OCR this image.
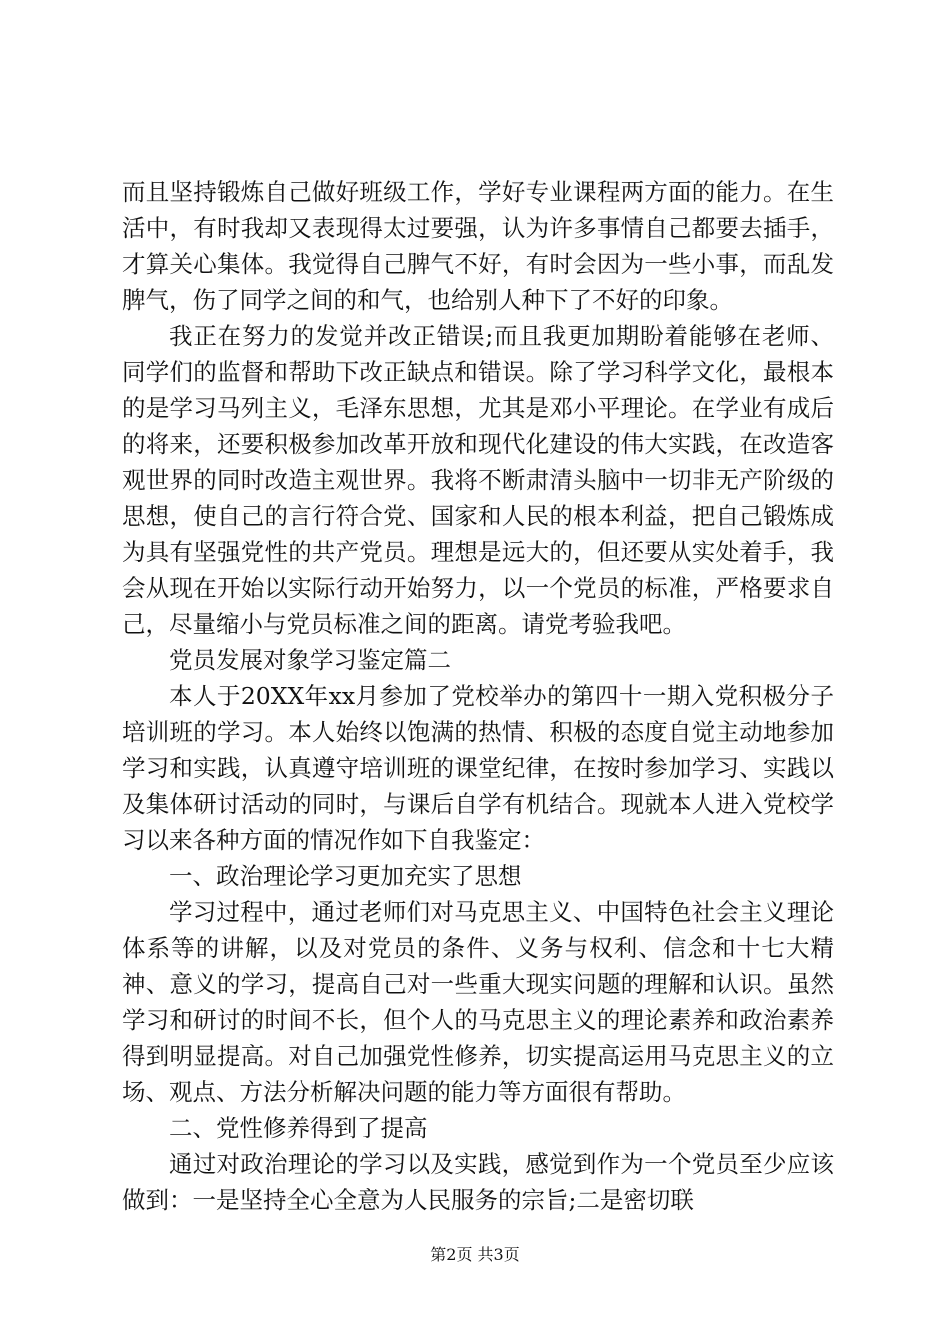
而且坚持锻炼自己做好班级工作，学好专业课程两方面的能力。在生活中，有时我却又表现得太过要强，认为许多事情自己都要去插手，才算关心集体。我觉得自己脾气不好，有时会因为一些小事，而乱发脾气，伤了同学之间的和气，也给别人种下了不好的印象。

我正在努力的发觉并改正错误;而且我更加期盼着能够在老师、同学们的监督和帮助下改正缺点和错误。除了学习科学文化，最根本的是学习马列主义，毛泽东思想，尤其是邓小平理论。在学业有成后的将来，还要积极参加改革开放和现代化建设的伟大实践，在改造客观世界的同时改造主观世界。我将不断肃清头脑中一切非无产阶级的思想，使自己的言行符合党、国家和人民的根本利益，把自己锻炼成为具有坚强党性的共产党员。理想是远大的，但还要从实处着手，我会从现在开始以实际行动开始努力，以一个党员的标准，严格要求自己，尽量缩小与党员标准之间的距离。请党考验我吧。

党员发展对象学习鉴定篇二

本人于20XX年xx月参加了党校举办的第四十一期入党积极分子培训班的学习。本人始终以饱满的热情、积极的态度自觉主动地参加学习和实践，认真遵守培训班的课堂纪律，在按时参加学习、实践以及集体研讨活动的同时，与课后自学有机结合。现就本人进入党校学习以来各种方面的情况作如下自我鉴定：

一、政治理论学习更加充实了思想

学习过程中，通过老师们对马克思主义、中国特色社会主义理论体系等的讲解，以及对党员的条件、义务与权利、信念和十七大精神、意义的学习，提高自己对一些重大现实问题的理解和认识。虽然学习和研讨的时间不长，但个人的马克思主义的理论素养和政治素养得到明显提高。对自己加强党性修养，切实提高运用马克思主义的立场、观点、方法分析解决问题的能力等方面很有帮助。

二、党性修养得到了提高

通过对政治理论的学习以及实践，感觉到作为一个党员至少应该做到：一是坚持全心全意为人民服务的宗旨;二是密切联

第2页 共3页
